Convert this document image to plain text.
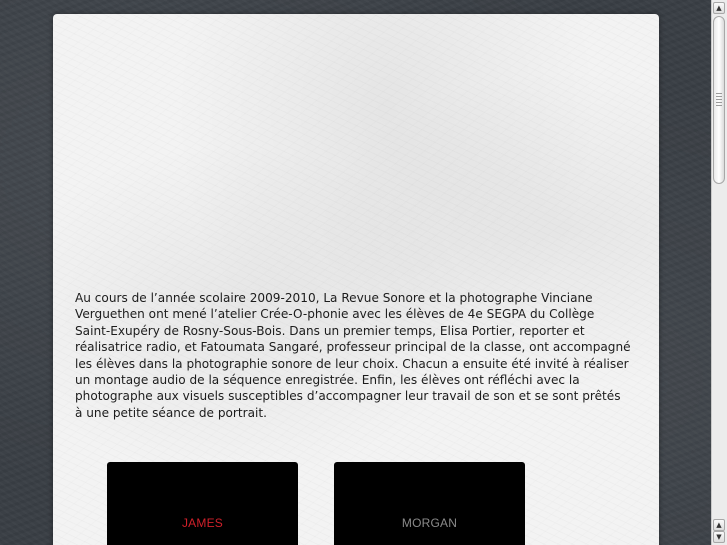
Au cours de l’année scolaire 2009-2010, La Revue Sonore et la photographe Vinciane Verguethen ont mené l’atelier Crée-O-phonie avec les élèves de 4e SEGPA du Collège Saint-Exupéry de Rosny-Sous-Bois. Dans un premier temps, Elisa Portier, reporter et réalisatrice radio, et Fatoumata Sangaré, professeur principal de la classe, ont accompagné les élèves dans la photographie sonore de leur choix. Chacun a ensuite été invité à réaliser un montage audio de la séquence enregistrée. Enfin, les élèves ont réfléchi avec la photographe aux visuels susceptibles d’accompagner leur travail de son et se sont prêtés à une petite séance de portrait.

JAMES	MORGAN
▲
▲
▼
